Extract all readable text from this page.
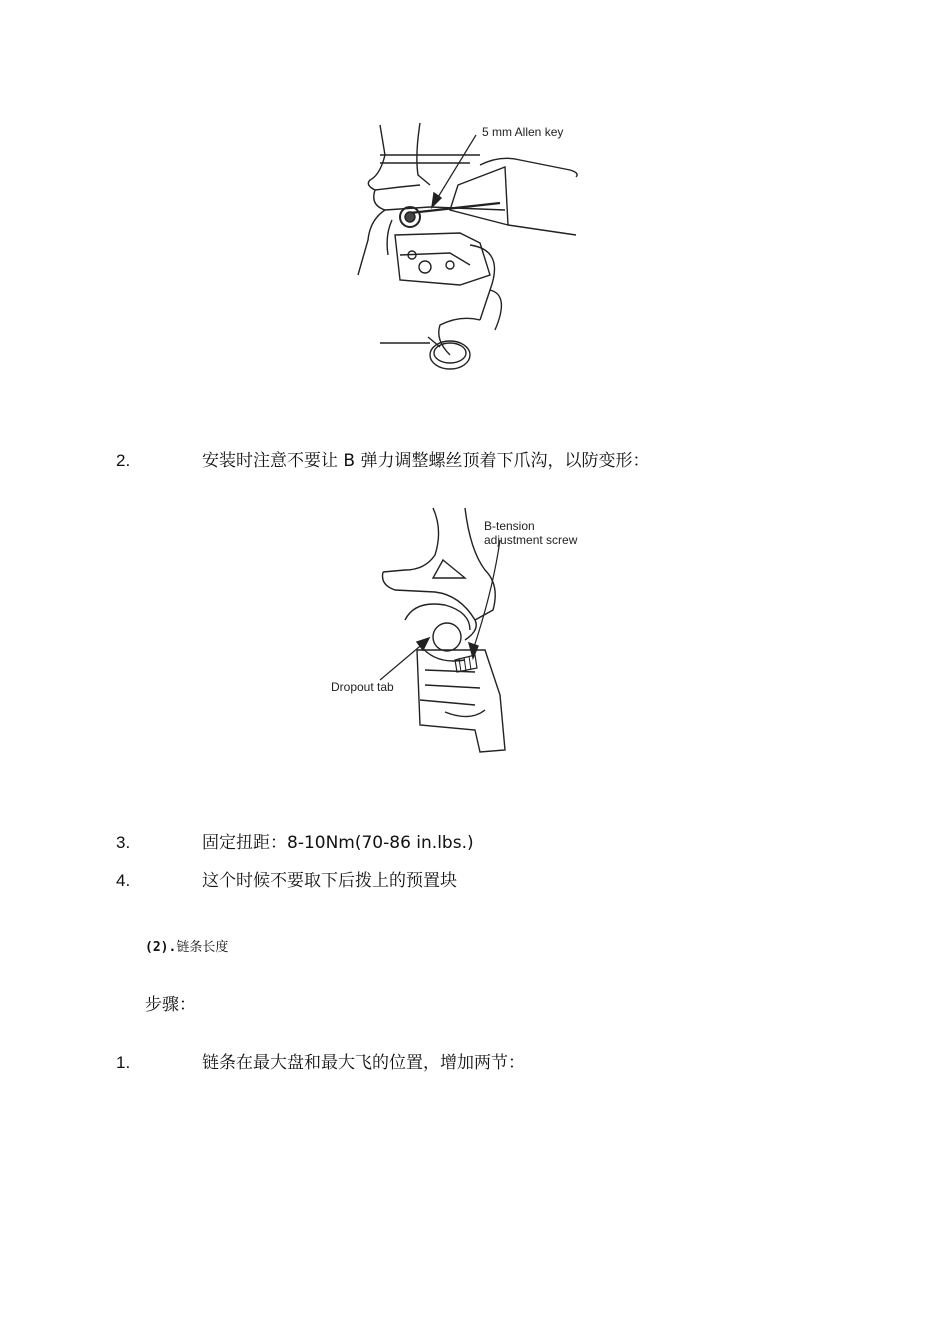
5 mm Allen key
2.	安装时注意不要让 B 弹力调整螺丝顶着下爪沟，以防变形：
B-tension
adjustment screw
Dropout tab
3.	固定扭距：8-10Nm(70-86 in.lbs.)
4.	这个时候不要取下后拨上的预置块
(2).链条长度
步骤：
1.	链条在最大盘和最大飞的位置，增加两节：
